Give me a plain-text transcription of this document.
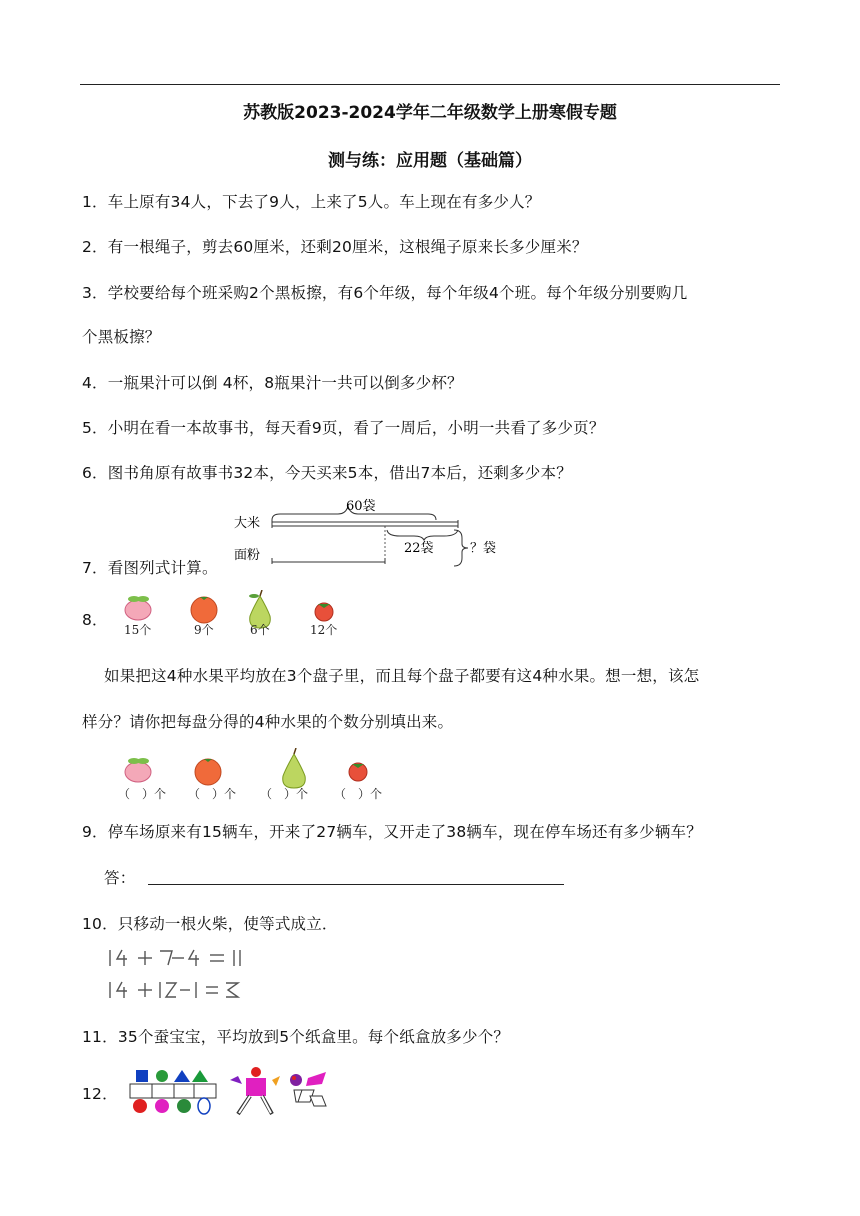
苏教版2023-2024学年二年级数学上册寒假专题
测与练：应用题（基础篇）
1．车上原有34人，下去了9人，上来了5人。车上现在有多少人？
2．有一根绳子，剪去60厘米，还剩20厘米，这根绳子原来长多少厘米？
3．学校要给每个班采购2个黑板擦，有6个年级，每个年级4个班。每个年级分别要购几
个黑板擦？
4．一瓶果汁可以倒 4杯，8瓶果汁一共可以倒多少杯？
5．小明在看一本故事书，每天看9页，看了一周后，小明一共看了多少页？
6．图书角原有故事书32本，今天买来5本，借出7本后，还剩多少本？
大米
面粉
60袋
22袋	？袋
7．看图列式计算。
8．
15个	9个	6个	12个
如果把这4种水果平均放在3个盘子里，而且每个盘子都要有这4种水果。想一想，该怎
样分？请你把每盘分得的4种水果的个数分别填出来。
（　）个 （　）个 （　）个 （　）个
9．停车场原来有15辆车，开来了27辆车，又开走了38辆车，现在停车场还有多少辆车？
答：
10．只移动一根火柴，使等式成立．
11．35个蚕宝宝，平均放到5个纸盒里。每个纸盒放多少个？
12．
